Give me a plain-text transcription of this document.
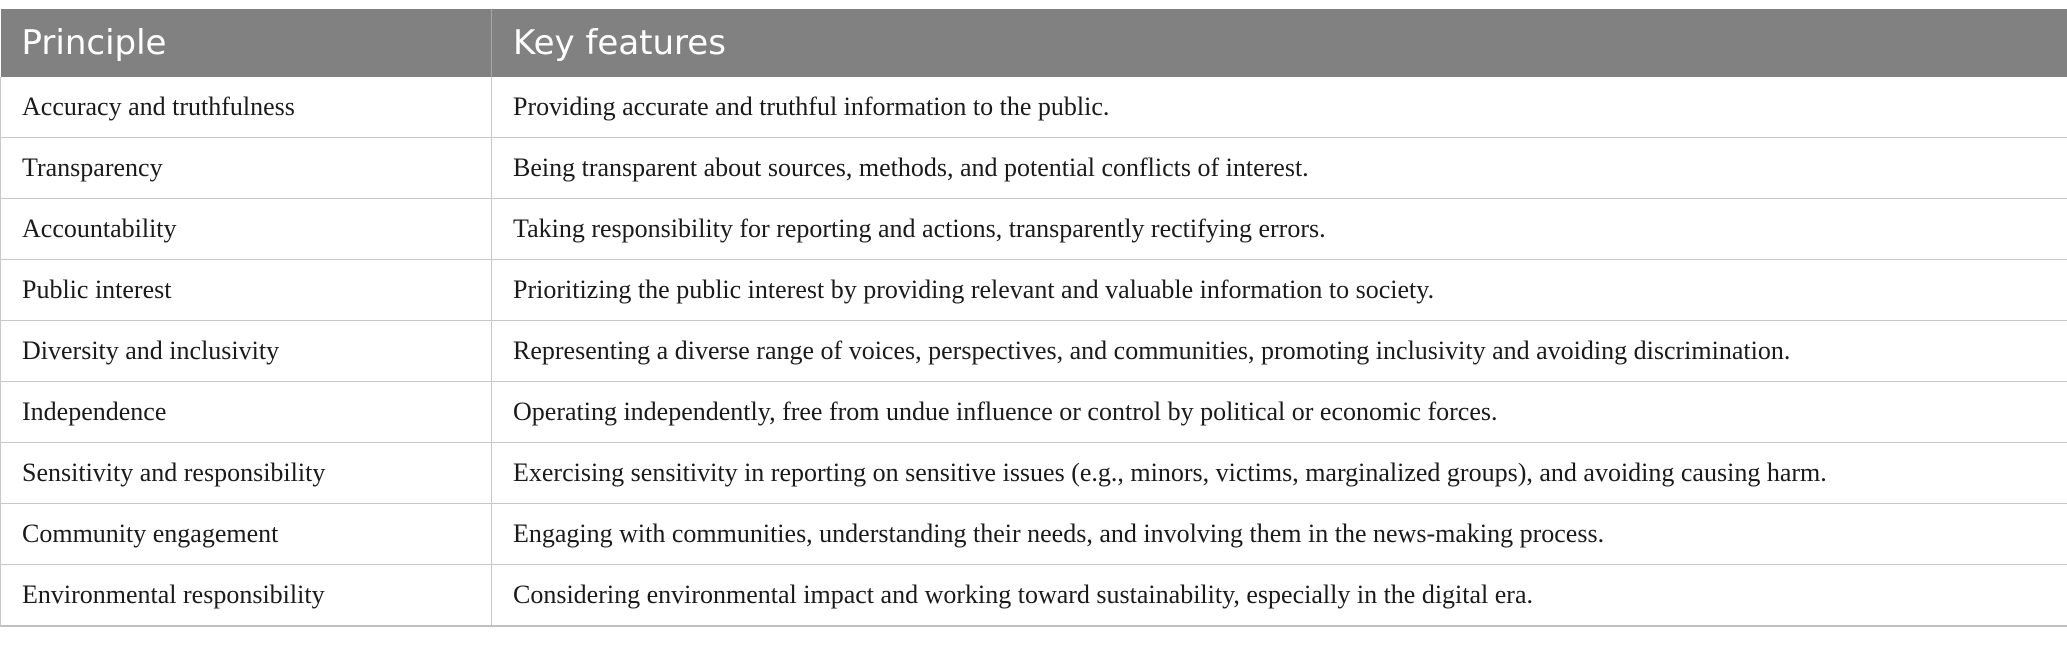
Principle	Key features
Accuracy and truthfulness	Providing accurate and truthful information to the public.
Transparency	Being transparent about sources, methods, and potential conflicts of interest.
Accountability	Taking responsibility for reporting and actions, transparently rectifying errors.
Public interest	Prioritizing the public interest by providing relevant and valuable information to society.
Diversity and inclusivity	Representing a diverse range of voices, perspectives, and communities, promoting inclusivity and avoiding discrimination.
Independence	Operating independently, free from undue influence or control by political or economic forces.
Sensitivity and responsibility	Exercising sensitivity in reporting on sensitive issues (e.g., minors, victims, marginalized groups), and avoiding causing harm.
Community engagement	Engaging with communities, understanding their needs, and involving them in the news-making process.
Environmental responsibility	Considering environmental impact and working toward sustainability, especially in the digital era.
